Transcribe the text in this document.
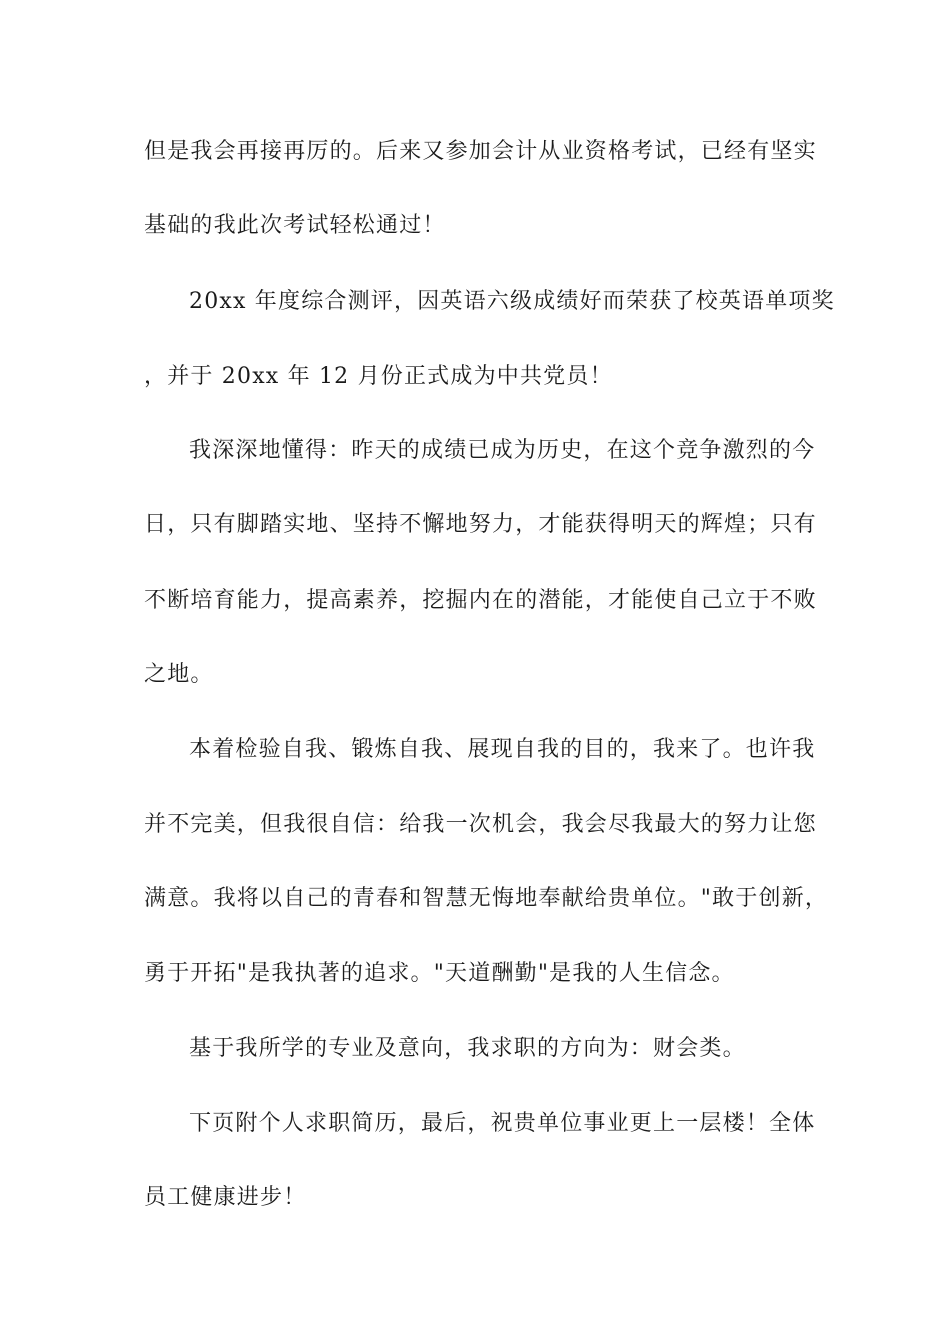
但是我会再接再厉的。后来又参加会计从业资格考试，已经有坚实
基础的我此次考试轻松通过！
20xx 年度综合测评，因英语六级成绩好而荣获了校英语单项奖
，并于 20xx 年 12 月份正式成为中共党员！
我深深地懂得：昨天的成绩已成为历史，在这个竞争激烈的今
日，只有脚踏实地、坚持不懈地努力，才能获得明天的辉煌；只有
不断培育能力，提高素养，挖掘内在的潜能，才能使自己立于不败
之地。
本着检验自我、锻炼自我、展现自我的目的，我来了。也许我
并不完美，但我很自信：给我一次机会，我会尽我最大的努力让您
满意。我将以自己的青春和智慧无悔地奉献给贵单位。"敢于创新，
勇于开拓"是我执著的追求。"天道酬勤"是我的人生信念。
基于我所学的专业及意向，我求职的方向为：财会类。
下页附个人求职简历，最后，祝贵单位事业更上一层楼！全体
员工健康进步！
